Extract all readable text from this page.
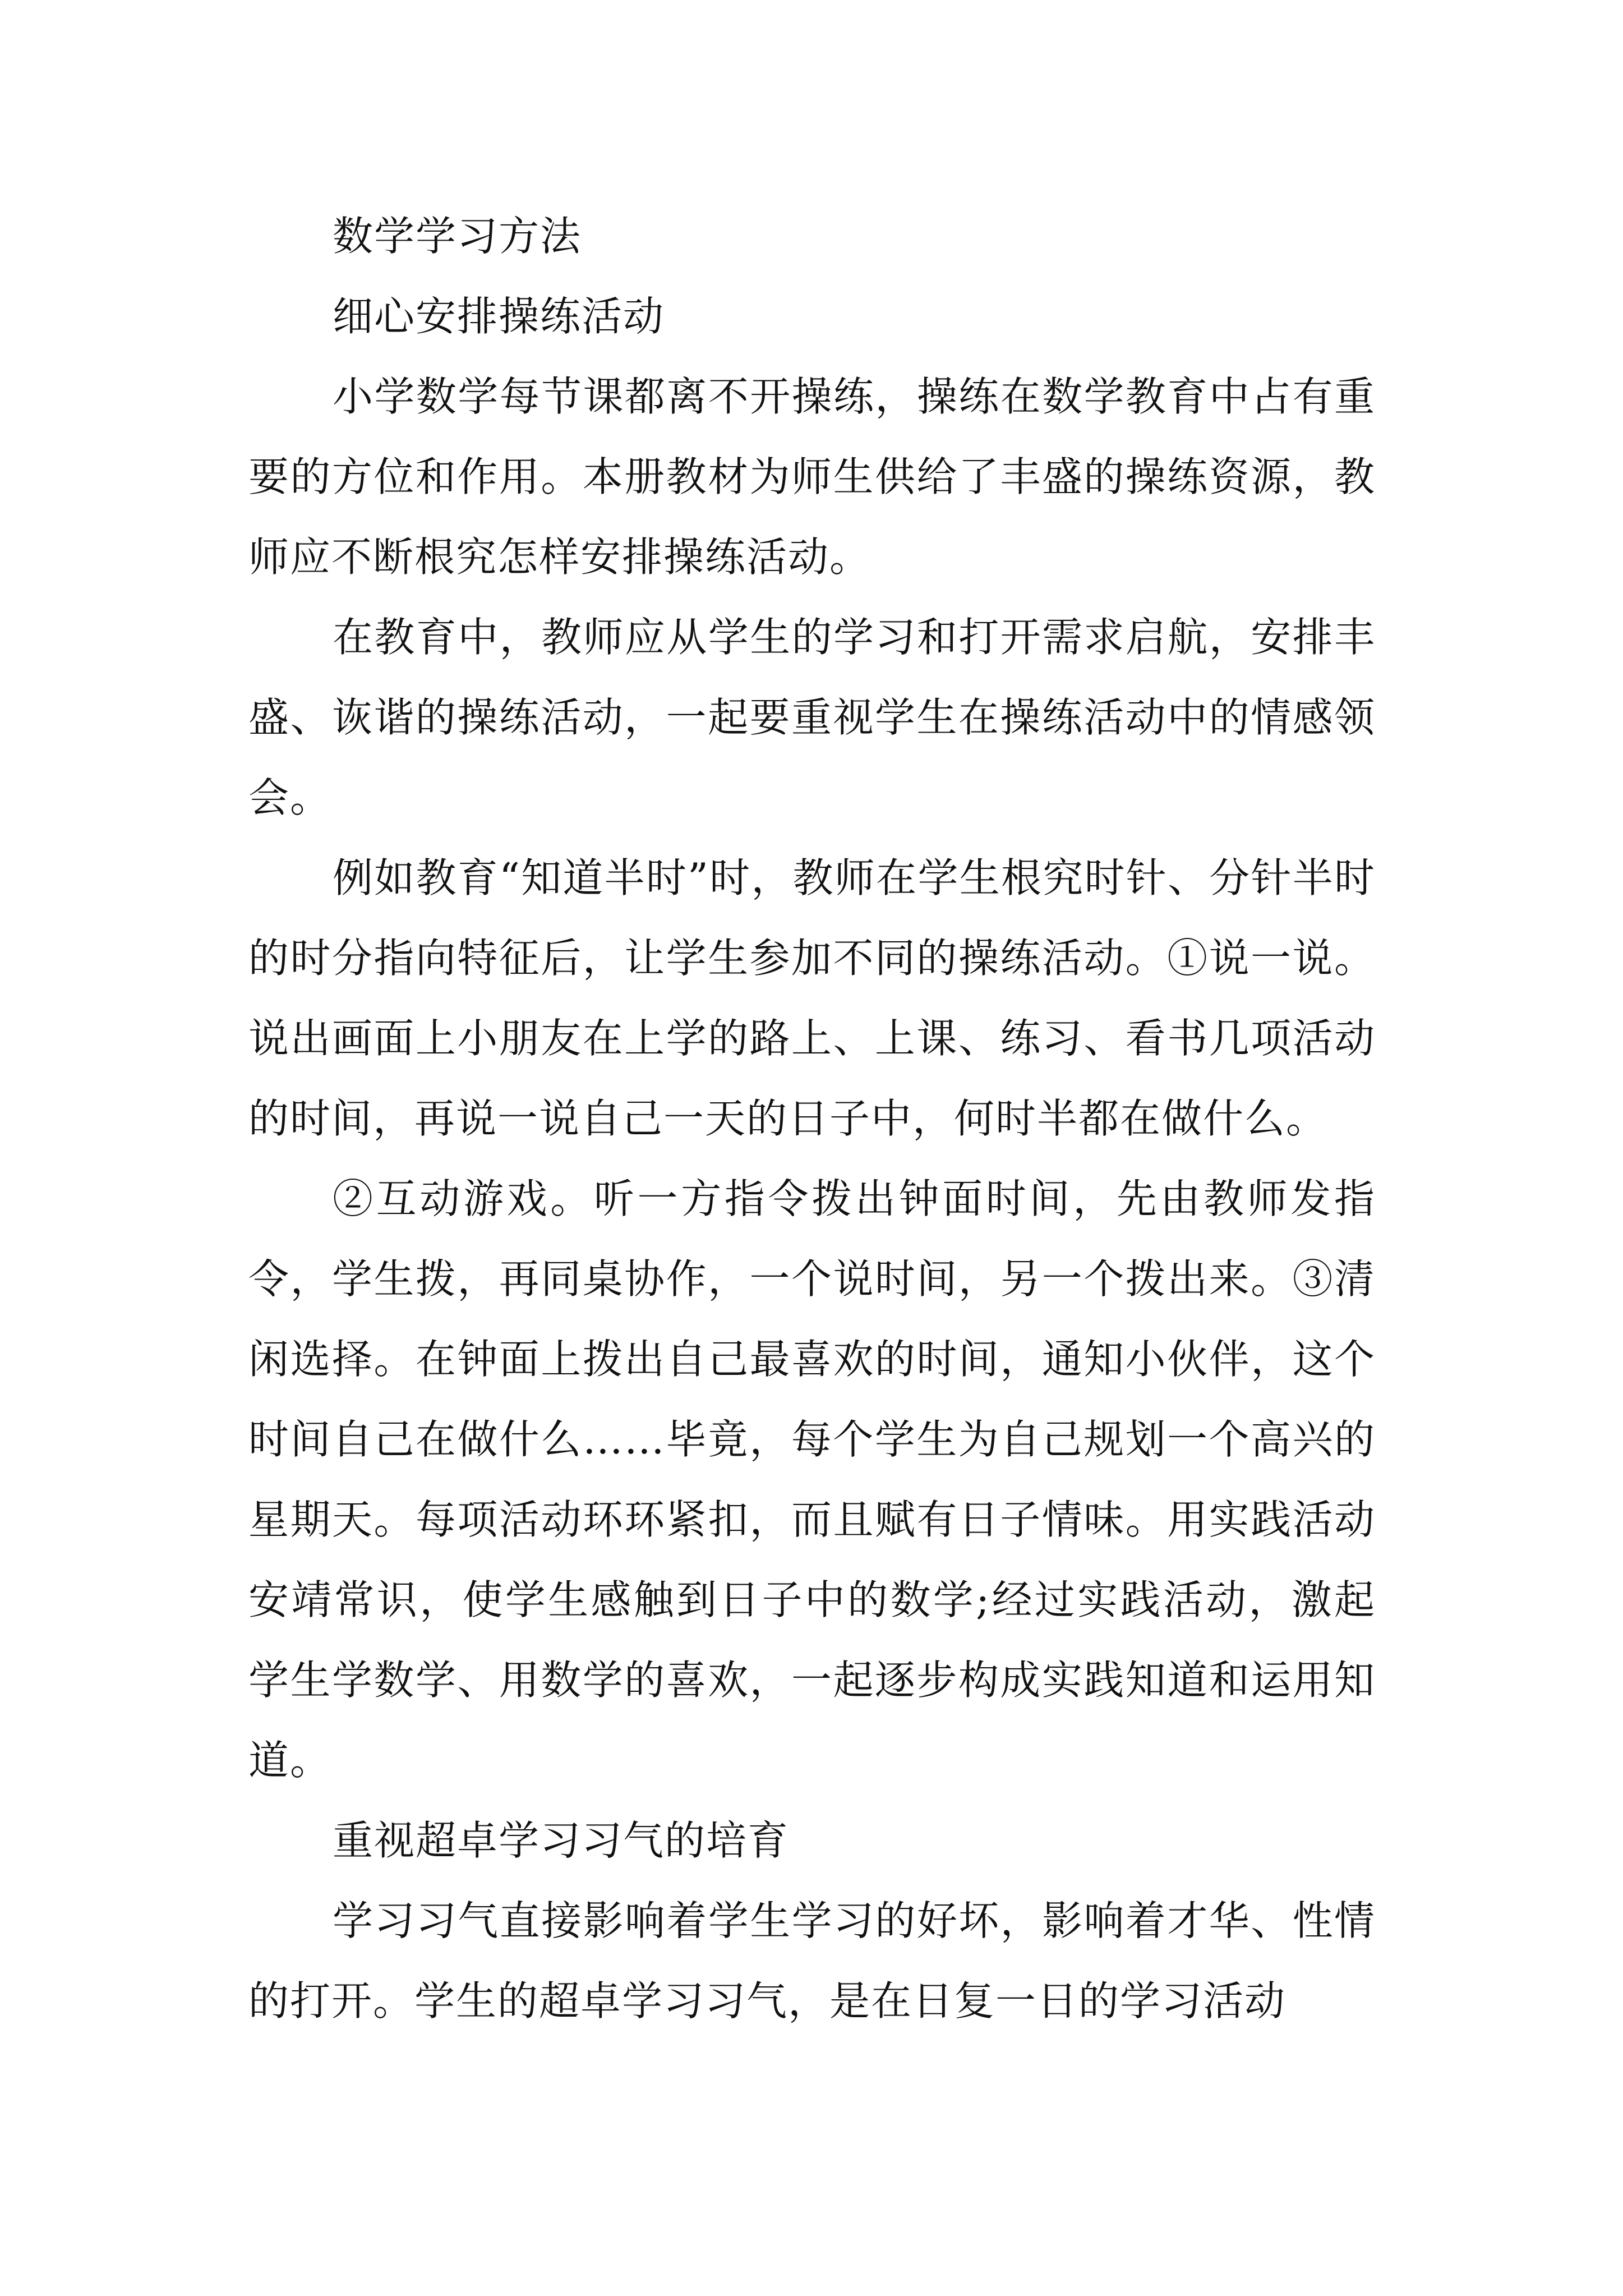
数学学习方法

细心安排操练活动

小学数学每节课都离不开操练，操练在数学教育中占有重要的方位和作用。本册教材为师生供给了丰盛的操练资源，教师应不断根究怎样安排操练活动。

在教育中，教师应从学生的学习和打开需求启航，安排丰盛、诙谐的操练活动，一起要重视学生在操练活动中的情感领会。

例如教育“知道半时”时，教师在学生根究时针、分针半时的时分指向特征后，让学生参加不同的操练活动。①说一说。说出画面上小朋友在上学的路上、上课、练习、看书几项活动的时间，再说一说自己一天的日子中，何时半都在做什么。

②互动游戏。听一方指令拨出钟面时间，先由教师发指令，学生拨，再同桌协作，一个说时间，另一个拨出来。③清闲选择。在钟面上拨出自己最喜欢的时间，通知小伙伴，这个时间自己在做什么……毕竟，每个学生为自己规划一个高兴的星期天。每项活动环环紧扣，而且赋有日子情味。用实践活动安靖常识，使学生感触到日子中的数学;经过实践活动，激起学生学数学、用数学的喜欢，一起逐步构成实践知道和运用知道。

重视超卓学习习气的培育

学习习气直接影响着学生学习的好坏，影响着才华、性情的打开。学生的超卓学习习气，是在日复一日的学习活动
